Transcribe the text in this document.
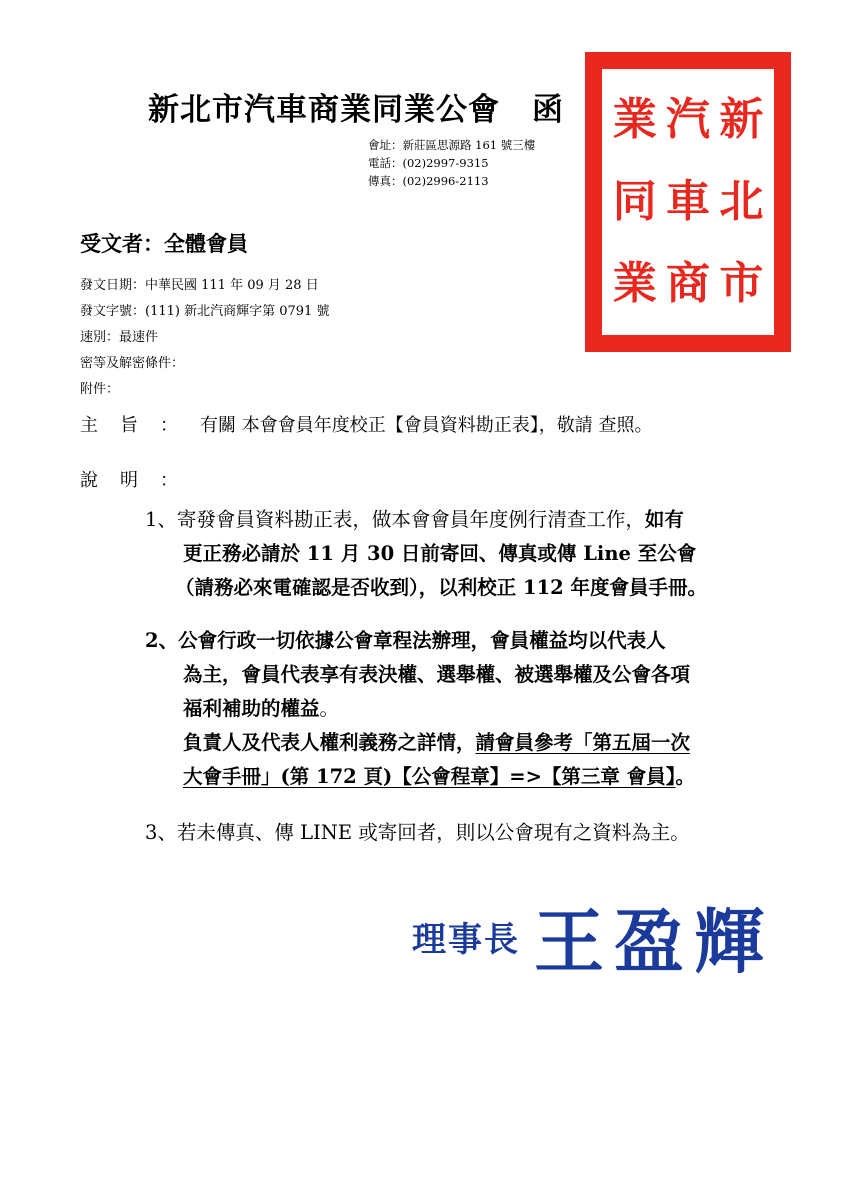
新北市汽車商業同業公會　函
會址：新莊區思源路 161 號三樓
電話：(02)2997-9315
傳真：(02)2996-2113
新
北
市
汽
車
商
業
同
業
受文者：全體會員
發文日期：中華民國 111 年 09 月 28 日
發文字號：(111) 新北汽商輝字第 0791 號
速別：最速件
密等及解密條件：
附件：
主旨：有關 本會會員年度校正【會員資料勘正表】，敬請 查照。
說明：
1、寄發會員資料勘正表，做本會會員年度例行清查工作，如有
更正務必請於 11 月 30 日前寄回、傳真或傳 Line 至公會
（請務必來電確認是否收到），以利校正 112 年度會員手冊。
2、公會行政一切依據公會章程法辦理，會員權益均以代表人
為主，會員代表享有表決權、選舉權、被選舉權及公會各項
福利補助的權益。
負責人及代表人權利義務之詳情，請會員參考「第五屆一次
大會手冊」(第 172 頁)【公會程章】=>【第三章 會員】。
3、若未傳真、傳 LINE 或寄回者，則以公會現有之資料為主。
理事長 王盈輝
